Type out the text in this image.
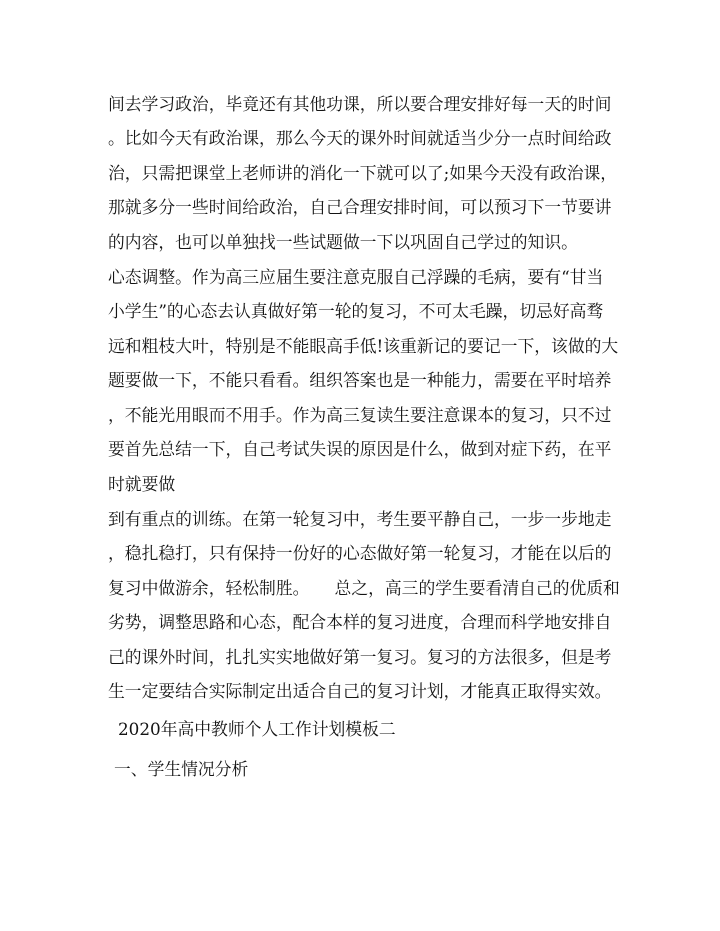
间去学习政治，毕竟还有其他功课，所以要合理安排好每一天的时间
。比如今天有政治课，那么今天的课外时间就适当少分一点时间给政
治，只需把课堂上老师讲的消化一下就可以了;如果今天没有政治课，
那就多分一些时间给政治，自己合理安排时间，可以预习下一节要讲
的内容，也可以单独找一些试题做一下以巩固自己学过的知识。
心态调整。作为高三应届生要注意克服自己浮躁的毛病，要有“甘当
小学生”的心态去认真做好第一轮的复习，不可太毛躁，切忌好高骛
远和粗枝大叶，特别是不能眼高手低!该重新记的要记一下，该做的大
题要做一下，不能只看看。组织答案也是一种能力，需要在平时培养
，不能光用眼而不用手。作为高三复读生要注意课本的复习，只不过
要首先总结一下，自己考试失误的原因是什么，做到对症下药，在平
时就要做
到有重点的训练。在第一轮复习中，考生要平静自己，一步一步地走
，稳扎稳打，只有保持一份好的心态做好第一轮复习，才能在以后的
复习中做游余，轻松制胜。　　总之，高三的学生要看清自己的优质和
劣势，调整思路和心态，配合本样的复习进度，合理而科学地安排自
己的课外时间，扎扎实实地做好第一复习。复习的方法很多，但是考
生一定要结合实际制定出适合自己的复习计划，才能真正取得实效。
2020年高中教师个人工作计划模板二
一、学生情况分析
